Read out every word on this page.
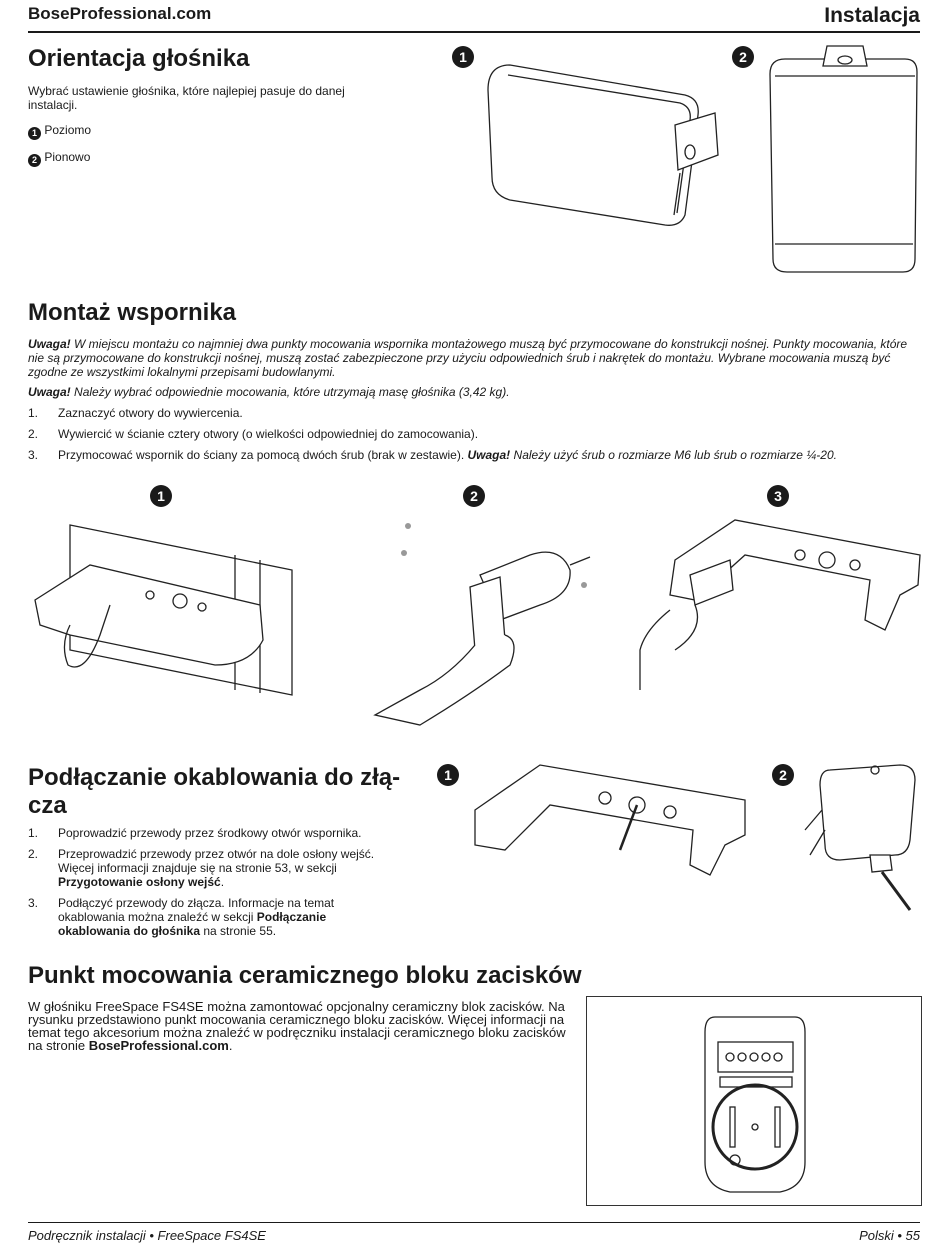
BoseProfessional.com	Instalacja
Orientacja głośnika
Wybrać ustawienie głośnika, które najlepiej pasuje do danej instalacji.
1 Poziomo
2 Pionowo
1	2
Montaż wspornika
Uwaga! W miejscu montażu co najmniej dwa punkty mocowania wspornika montażowego muszą być przymocowane do konstrukcji nośnej. Punkty mocowania, które nie są przymocowane do konstrukcji nośnej, muszą zostać zabezpieczone przy użyciu odpowiednich śrub i nakrętek do montażu. Wybrane mocowania muszą być zgodne ze wszystkimi lokalnymi przepisami budowlanymi.
Uwaga! Należy wybrać odpowiednie mocowania, które utrzymają masę głośnika (3,42 kg).
1. Zaznaczyć otwory do wywiercenia.
2. Wywiercić w ścianie cztery otwory (o wielkości odpowiedniej do zamocowania).
3. Przymocować wspornik do ściany za pomocą dwóch śrub (brak w zestawie). Uwaga! Należy użyć śrub o rozmiarze M6 lub śrub o rozmiarze ¼-20.
1	2	3
Podłączanie okablowania do złą-
cza
1. Poprowadzić przewody przez środkowy otwór wspornika.
2. Przeprowadzić przewody przez otwór na dole osłony wejść. Więcej informacji znajduje się na stronie 53, w sekcji Przygotowanie osłony wejść.
3. Podłączyć przewody do złącza. Informacje na temat okablowania można znaleźć w sekcji Podłączanie okablowania do głośnika na stronie 55.
1	2
Punkt mocowania ceramicznego bloku zacisków
W głośniku FreeSpace FS4SE można zamontować opcjonalny ceramiczny blok zacisków. Na rysunku przedstawiono punkt mocowania ceramicznego bloku zacisków. Więcej informacji na temat tego akcesorium można znaleźć w podręczniku instalacji ceramicznego bloku zacisków na stronie BoseProfessional.com.
Podręcznik instalacji • FreeSpace FS4SE	Polski • 55
